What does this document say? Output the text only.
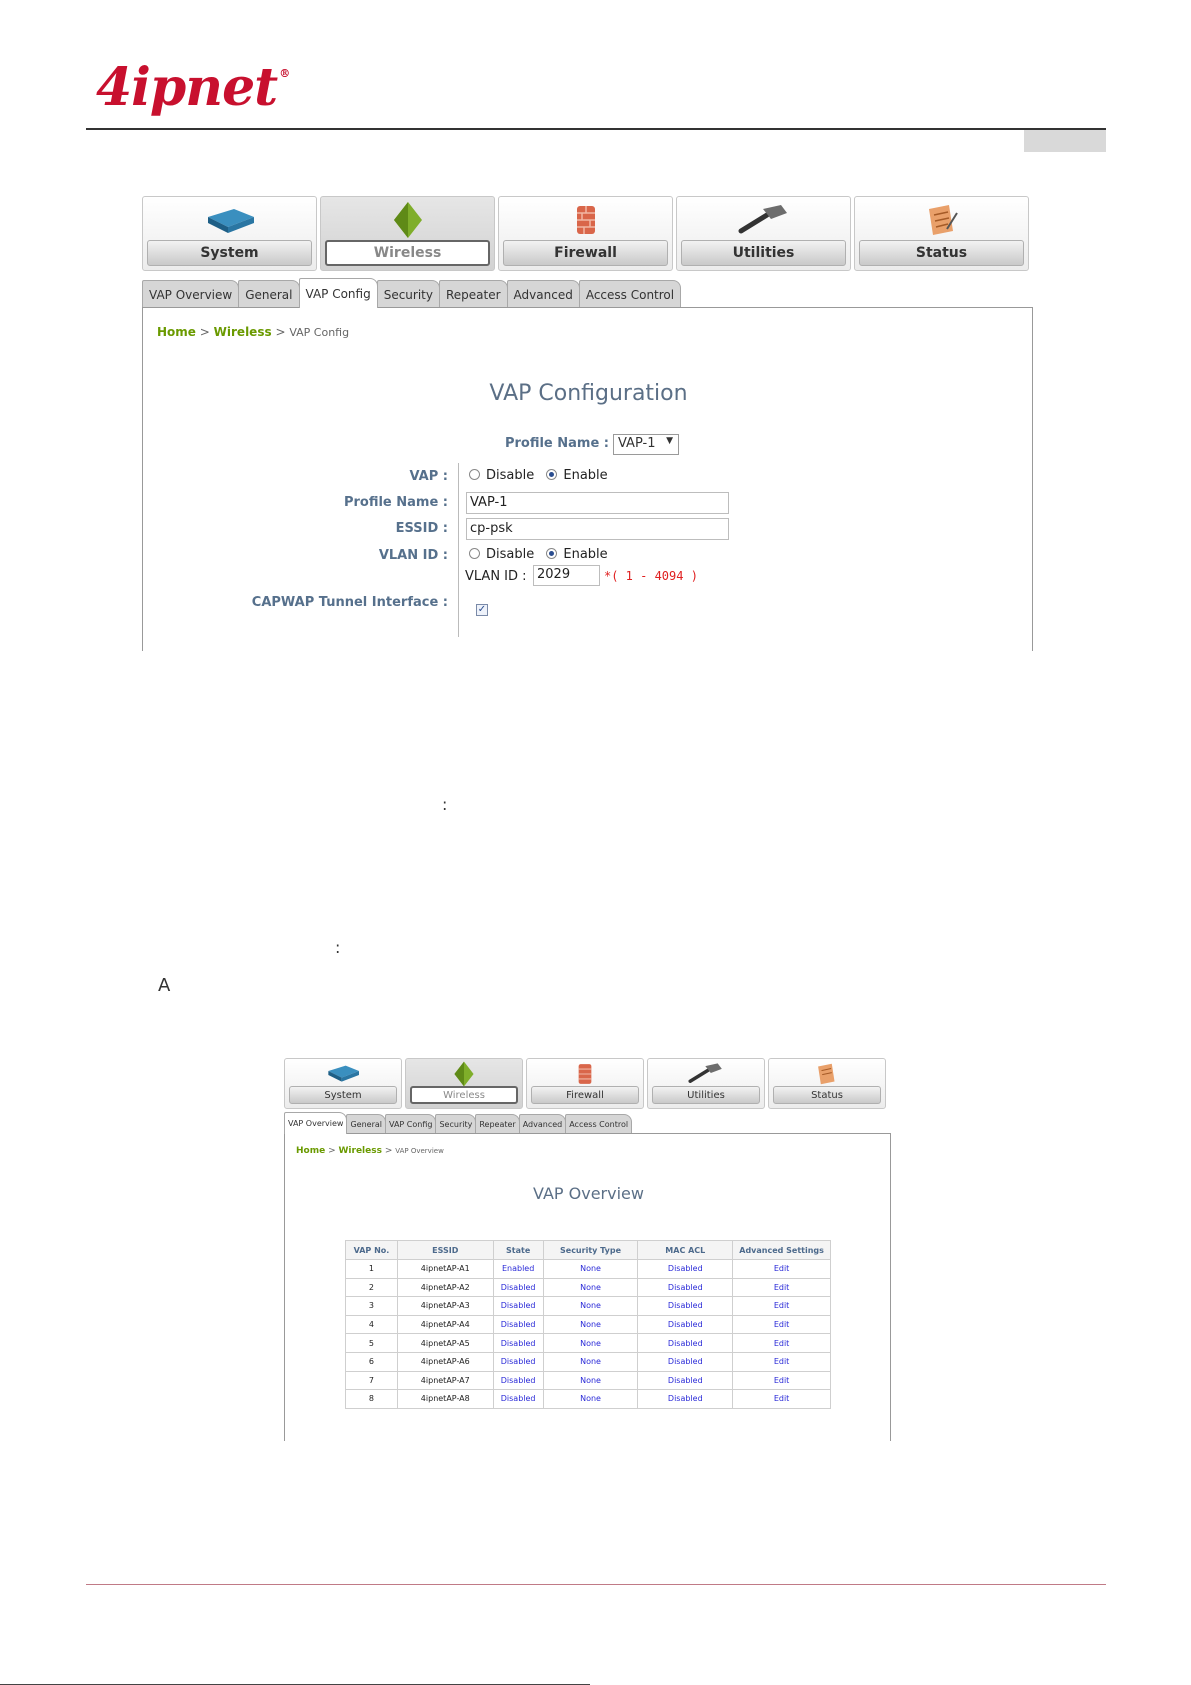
4ipnet ®
System	Wireless	Firewall	Utilities	Status
VAP Overview	General	VAP Config	Security	Repeater	Advanced	Access Control
Home > Wireless > VAP Config
VAP Configuration
Profile Name : VAP-1 ▼
VAP :	Disable Enable
Profile Name :	VAP-1
ESSID :	cp-psk
VLAN ID :	Disable Enable
VLAN ID : 2029	*( 1 - 4094 )
CAPWAP Tunnel Interface :	✓
:
:
A
System	Wireless	Firewall	Utilities	Status
VAP Overview General VAP Config Security Repeater Advanced Access Control
Home > Wireless > VAP Overview
VAP Overview
VAP No.	ESSID	State	Security Type	MAC ACL	Advanced Settings
1	4ipnetAP-A1	Enabled	None	Disabled	Edit
2	4ipnetAP-A2	Disabled	None	Disabled	Edit
3	4ipnetAP-A3	Disabled	None	Disabled	Edit
4	4ipnetAP-A4	Disabled	None	Disabled	Edit
5	4ipnetAP-A5	Disabled	None	Disabled	Edit
6	4ipnetAP-A6	Disabled	None	Disabled	Edit
7	4ipnetAP-A7	Disabled	None	Disabled	Edit
8	4ipnetAP-A8	Disabled	None	Disabled	Edit
